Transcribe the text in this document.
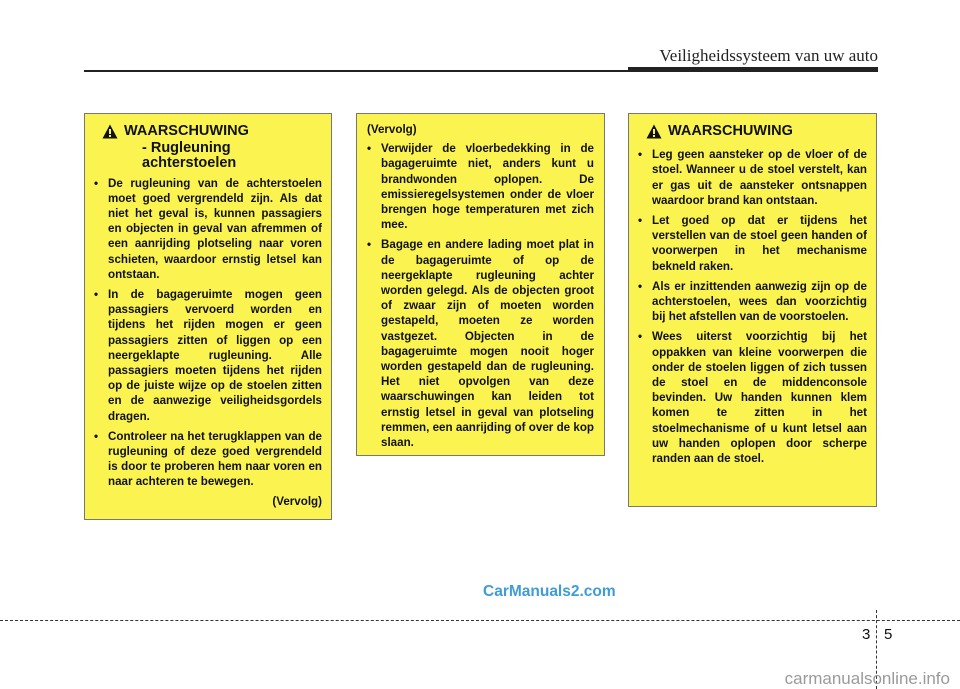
Veiligheidssysteem van uw auto
WAARSCHUWING
- Rugleuning achterstoelen
• De rugleuning van de achterstoelen moet goed vergrendeld zijn. Als dat niet het geval is, kunnen passagiers en objecten in geval van afremmen of een aanrijding plotseling naar voren schieten, waardoor ernstig letsel kan ontstaan.
• In de bagageruimte mogen geen passagiers vervoerd worden en tijdens het rijden mogen er geen passagiers zitten of liggen op een neergeklapte rugleuning. Alle passagiers moeten tijdens het rijden op de juiste wijze op de stoelen zitten en de aanwezige veiligheidsgordels dragen.
• Controleer na het terugklappen van de rugleuning of deze goed vergrendeld is door te proberen hem naar voren en naar achteren te bewegen.
(Vervolg)
(Vervolg)
• Verwijder de vloerbedekking in de bagageruimte niet, anders kunt u brandwonden oplopen. De emissieregelsystemen onder de vloer brengen hoge temperaturen met zich mee.
• Bagage en andere lading moet plat in de bagageruimte of op de neergeklapte rugleuning achter worden gelegd. Als de objecten groot of zwaar zijn of moeten worden gestapeld, moeten ze worden vastgezet. Objecten in de bagageruimte mogen nooit hoger worden gestapeld dan de rugleuning. Het niet opvolgen van deze waarschuwingen kan leiden tot ernstig letsel in geval van plotseling remmen, een aanrijding of over de kop slaan.
WAARSCHUWING
• Leg geen aansteker op de vloer of de stoel. Wanneer u de stoel verstelt, kan er gas uit de aansteker ontsnappen waardoor brand kan ontstaan.
• Let goed op dat er tijdens het verstellen van de stoel geen handen of voorwerpen in het mechanisme bekneld raken.
• Als er inzittenden aanwezig zijn op de achterstoelen, wees dan voorzichtig bij het afstellen van de voorstoelen.
• Wees uiterst voorzichtig bij het oppakken van kleine voorwerpen die onder de stoelen liggen of zich tussen de stoel en de middenconsole bevinden. Uw handen kunnen klem komen te zitten in het stoelmechanisme of u kunt letsel aan uw handen oplopen door scherpe randen aan de stoel.
CarManuals2.com
3 5
carmanualsonline.info
